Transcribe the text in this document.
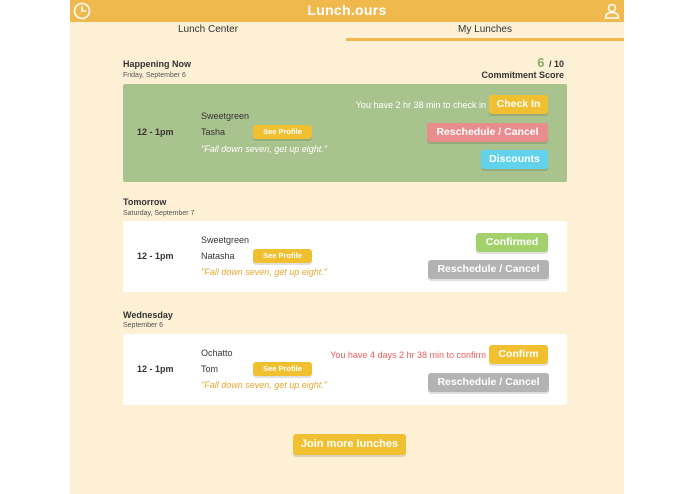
Lunch.ours
Lunch Center	My Lunches
Happening Now
Friday, September 6
6 / 10
Commitment Score
Sweetgreen
12 - 1pm	Tasha	See Profile
"Fall down seven, get up eight."
You have 2 hr 38 min to check in	Check In
Reschedule / Cancel
Discounts
Tomorrow
Saturday, September 7
Sweetgreen
12 - 1pm	Natasha	See Profile
"Fall down seven, get up eight."
Confirmed
Reschedule / Cancel
Wednesday
September 6
Ochatto
12 - 1pm	Tom	See Profile
"Fall down seven, get up eight."
You have 4 days 2 hr 38 min to confirm	Confirm
Reschedule / Cancel
Join more lunches
